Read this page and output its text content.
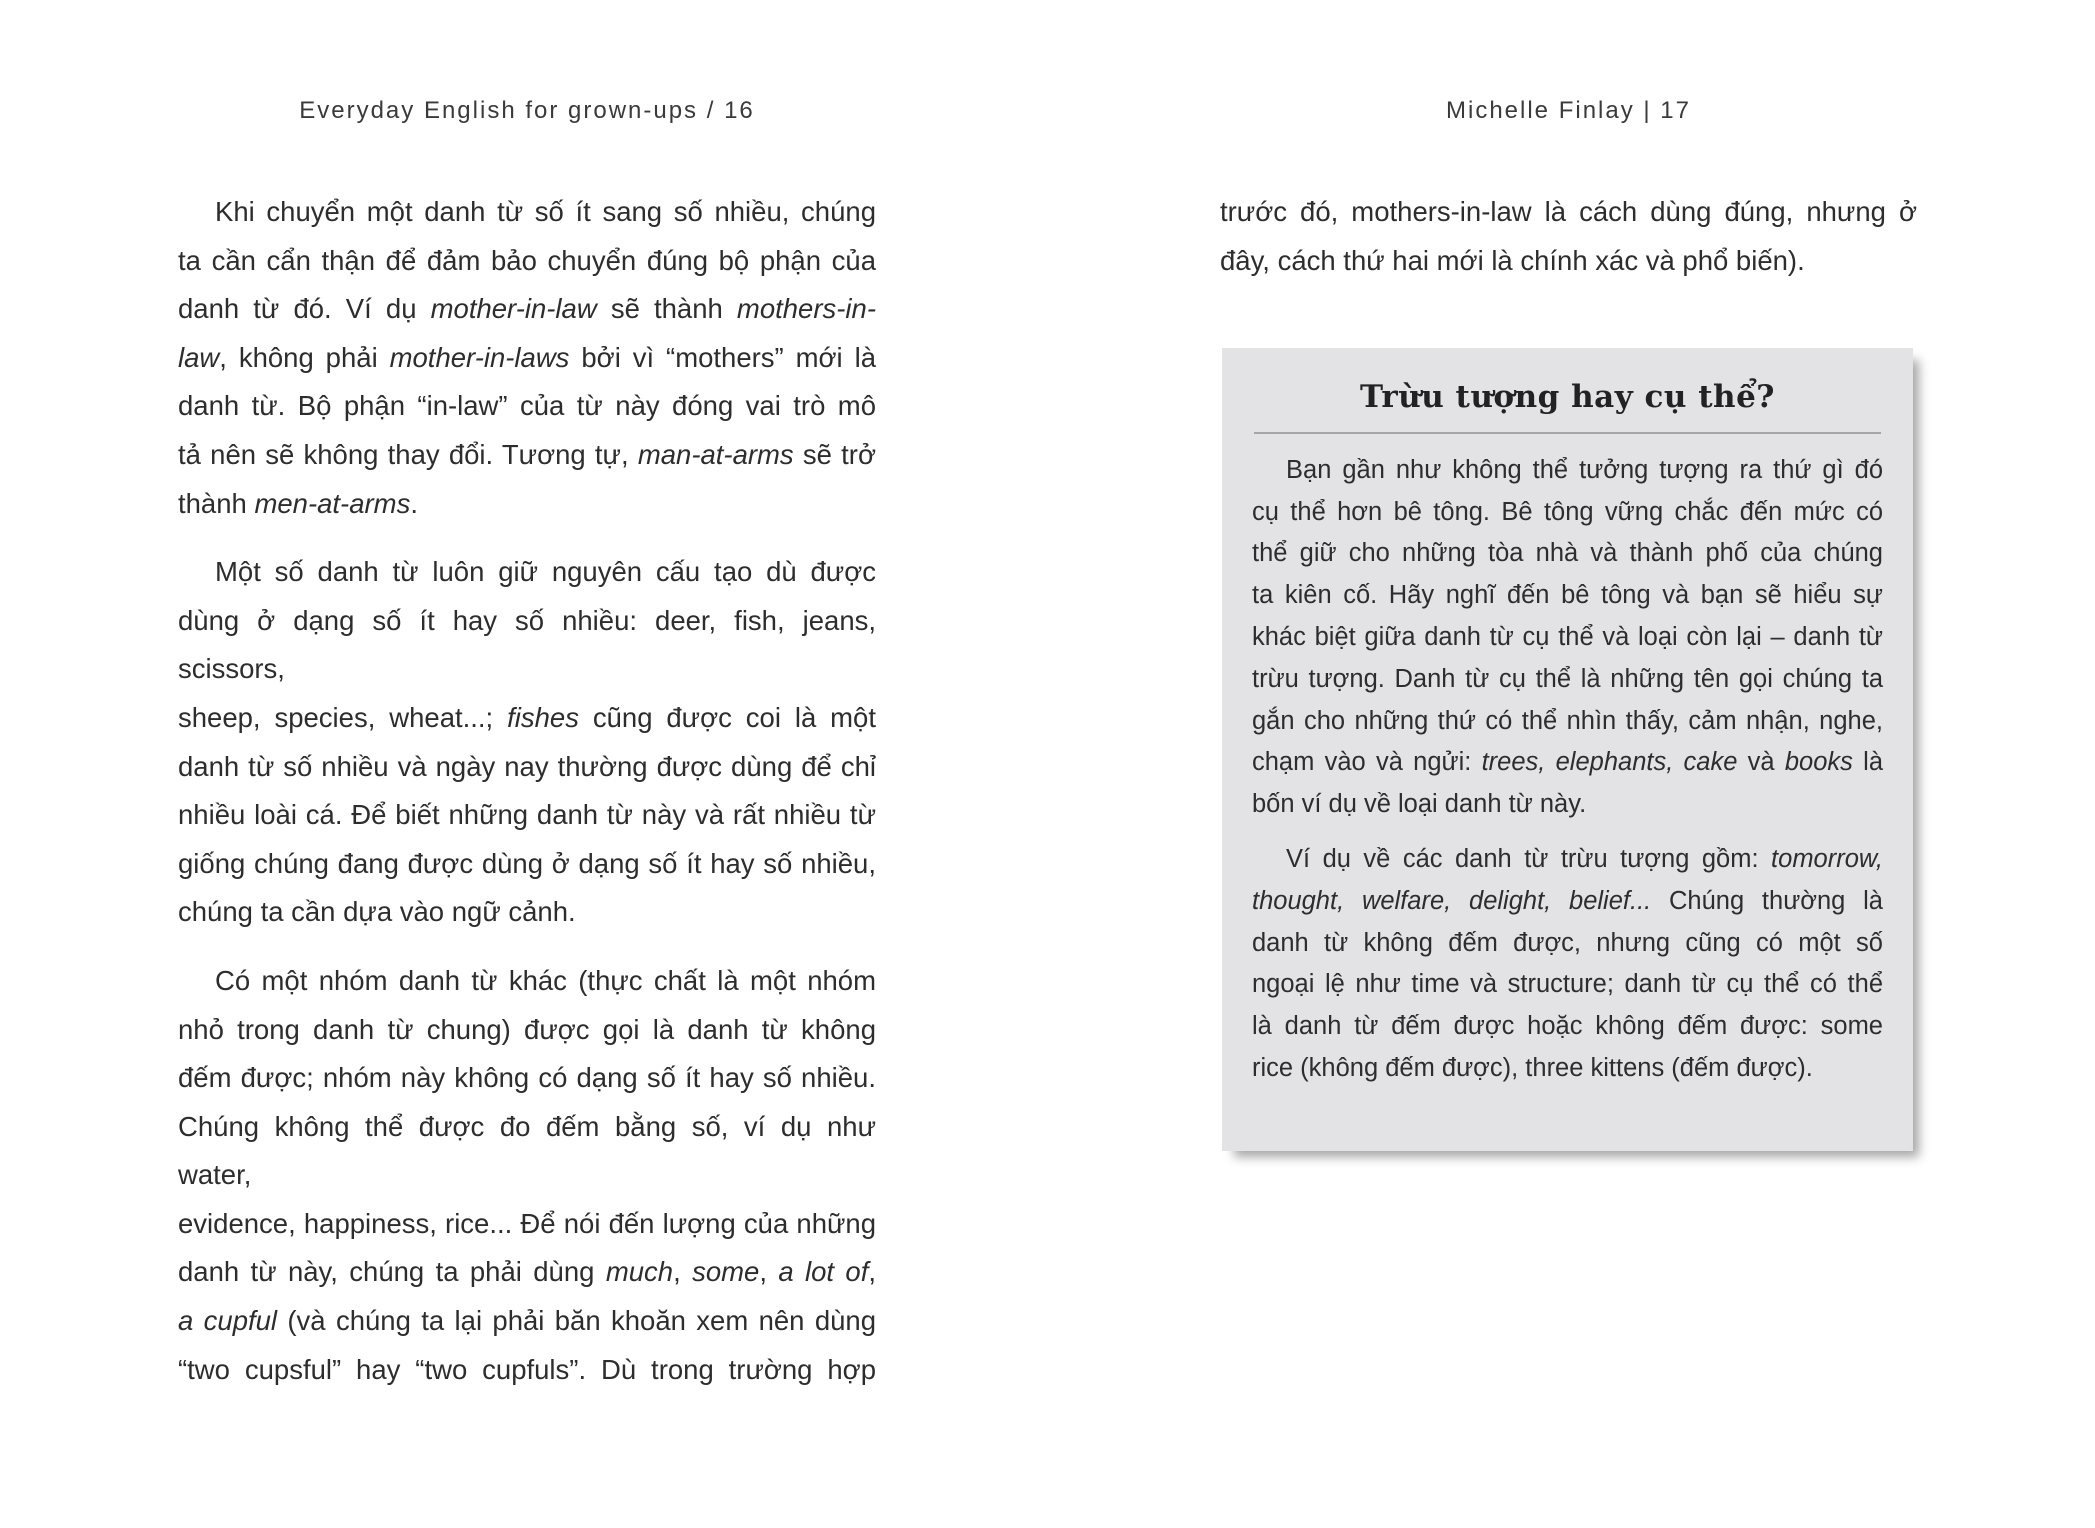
Everyday English for grown-ups / 16	Michelle Finlay | 17
Khi chuyển một danh từ số ít sang số nhiều, chúng
ta cần cẩn thận để đảm bảo chuyển đúng bộ phận của
danh từ đó. Ví dụ mother-in-law sẽ thành mothers-in-
law, không phải mother-in-laws bởi vì “mothers” mới là
danh từ. Bộ phận “in-law” của từ này đóng vai trò mô
tả nên sẽ không thay đổi. Tương tự, man-at-arms sẽ trở
thành men-at-arms.
Một số danh từ luôn giữ nguyên cấu tạo dù được
dùng ở dạng số ít hay số nhiều: deer, fish, jeans, scissors,
sheep, species, wheat...; fishes cũng được coi là một
danh từ số nhiều và ngày nay thường được dùng để chỉ
nhiều loài cá. Để biết những danh từ này và rất nhiều từ
giống chúng đang được dùng ở dạng số ít hay số nhiều,
chúng ta cần dựa vào ngữ cảnh.
Có một nhóm danh từ khác (thực chất là một nhóm
nhỏ trong danh từ chung) được gọi là danh từ không
đếm được; nhóm này không có dạng số ít hay số nhiều.
Chúng không thể được đo đếm bằng số, ví dụ như water,
evidence, happiness, rice... Để nói đến lượng của những
danh từ này, chúng ta phải dùng much, some, a lot of,
a cupful (và chúng ta lại phải băn khoăn xem nên dùng
“two cupsful” hay “two cupfuls”. Dù trong trường hợp
trước đó, mothers-in-law là cách dùng đúng, nhưng ở
đây, cách thứ hai mới là chính xác và phổ biến).
Trừu tượng hay cụ thể?
Bạn gần như không thể tưởng tượng ra thứ gì đó
cụ thể hơn bê tông. Bê tông vững chắc đến mức có
thể giữ cho những tòa nhà và thành phố của chúng
ta kiên cố. Hãy nghĩ đến bê tông và bạn sẽ hiểu sự
khác biệt giữa danh từ cụ thể và loại còn lại – danh từ
trừu tượng. Danh từ cụ thể là những tên gọi chúng ta
gắn cho những thứ có thể nhìn thấy, cảm nhận, nghe,
chạm vào và ngửi: trees, elephants, cake và books là
bốn ví dụ về loại danh từ này.
Ví dụ về các danh từ trừu tượng gồm: tomorrow,
thought, welfare, delight, belief... Chúng thường là
danh từ không đếm được, nhưng cũng có một số
ngoại lệ như time và structure; danh từ cụ thể có thể
là danh từ đếm được hoặc không đếm được: some
rice (không đếm được), three kittens (đếm được).
